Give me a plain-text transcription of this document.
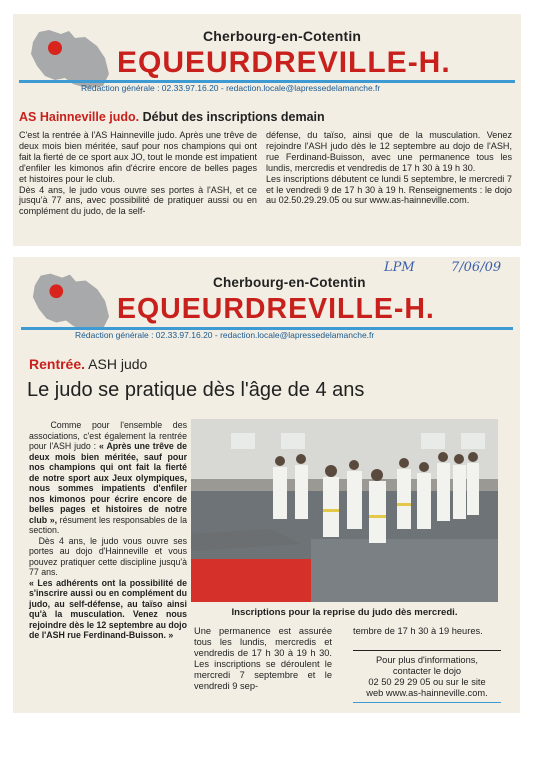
Cherbourg-en-Cotentin
EQUEURDREVILLE-H.
Rédaction générale : 02.33.97.16.20 - redaction.locale@lapressedelamanche.fr
AS Hainneville judo. Début des inscriptions demain

C'est la rentrée à l'AS Hainneville judo. Après une trêve de deux mois bien méritée, sauf pour nos champions qui ont fait la fierté de ce sport aux JO, tout le monde est impatient d'enfiler les kimonos afin d'écrire encore de belles pages et histoires pour le club.

Dès 4 ans, le judo vous ouvre ses portes à l'ASH, et ce jusqu'à 77 ans, avec possibilité de pratiquer aussi ou en complément du judo, de la self-

défense, du taïso, ainsi que de la musculation. Venez rejoindre l'ASH judo dès le 12 septembre au dojo de l'ASH, rue Ferdinand-Buisson, avec une permanence tous les lundis, mercredis et vendredis de 17 h 30 à 19 h 30.

Les inscriptions débutent ce lundi 5 septembre, le mercredi 7 et le vendredi 9 de 17 h 30 à 19 h. Renseignements : le dojo au 02.50.29.29.05 ou sur www.as-hainneville.com.

Cherbourg-en-Cotentin
LPM	7/06/09
EQUEURDREVILLE-H.
Rédaction générale : 02.33.97.16.20 - redaction.locale@lapressedelamanche.fr
Rentrée. ASH judo
Le judo se pratique dès l'âge de 4 ans

Comme pour l'ensemble des associations, c'est également la rentrée pour l'ASH judo : « Après une trêve de deux mois bien méritée, sauf pour nos champions qui ont fait la fierté de notre sport aux Jeux olympiques, nous sommes impatients d'enfiler nos kimonos pour écrire encore de belles pages et histoires de notre club », résument les responsables de la section.

Dès 4 ans, le judo vous ouvre ses portes au dojo d'Hainneville et vous pouvez pratiquer cette discipline jusqu'à 77 ans.

« Les adhérents ont la possibilité de s'inscrire aussi ou en complément du judo, au self-défense, au taïso ainsi qu'à la musculation. Venez nous rejoindre dès le 12 septembre au dojo de l'ASH rue Ferdinand-Buisson. »

Inscriptions pour la reprise du judo dès mercredi.
Une permanence est assurée tous les lundis, mercredis et vendredis de 17 h 30 à 19 h 30. Les inscriptions se déroulent le mercredi 7 septembre et le vendredi 9 sep-
tembre de 17 h 30 à 19 heures.
Pour plus d'informations,
contacter le dojo
02 50 29 29 05 ou sur le site
web www.as-hainneville.com.
